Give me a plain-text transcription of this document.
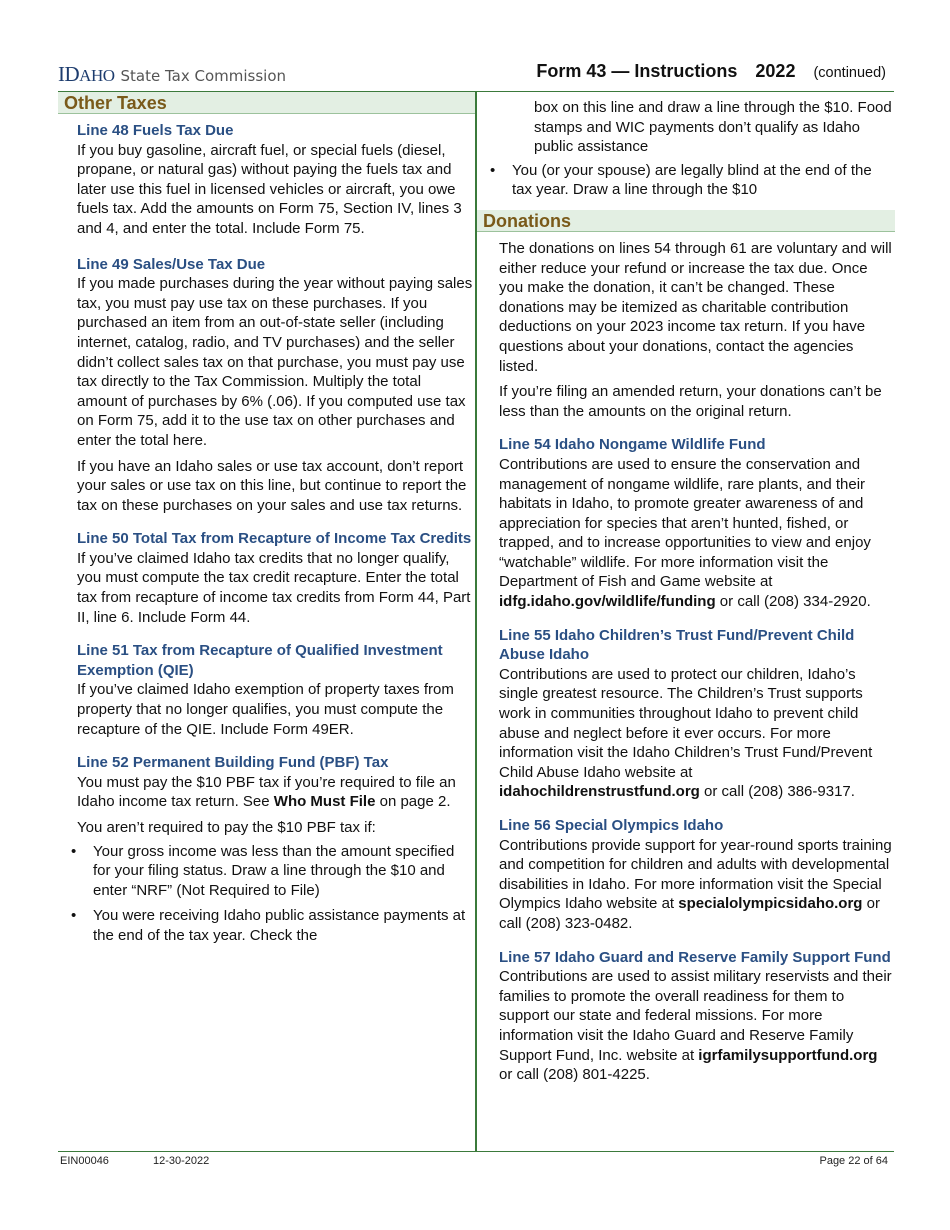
IDAHO State Tax Commission	Form 43 — Instructions 2022 (continued)
Other Taxes
Line 48 Fuels Tax Due

If you buy gasoline, aircraft fuel, or special fuels (diesel, propane, or natural gas) without paying the fuels tax and later use this fuel in licensed vehicles or aircraft, you owe fuels tax. Add the amounts on Form 75, Section IV, lines 3 and 4, and enter the total. Include Form 75.

Line 49 Sales/Use Tax Due

If you made purchases during the year without paying sales tax, you must pay use tax on these purchases. If you purchased an item from an out-of-state seller (including internet, catalog, radio, and TV purchases) and the seller didn’t collect sales tax on that purchase, you must pay use tax directly to the Tax Commission. Multiply the total amount of purchases by 6% (.06). If you computed use tax on Form 75, add it to the use tax on other purchases and enter the total here.

If you have an Idaho sales or use tax account, don’t report your sales or use tax on this line, but continue to report the tax on these purchases on your sales and use tax returns.

Line 50 Total Tax from Recapture of Income Tax Credits

If you’ve claimed Idaho tax credits that no longer qualify, you must compute the tax credit recapture. Enter the total tax from recapture of income tax credits from Form 44, Part II, line 6. Include Form 44.

Line 51 Tax from Recapture of Qualified Investment Exemption (QIE)

If you’ve claimed Idaho exemption of property taxes from property that no longer qualifies, you must compute the recapture of the QIE. Include Form 49ER.

Line 52 Permanent Building Fund (PBF) Tax

You must pay the $10 PBF tax if you’re required to file an Idaho income tax return. See Who Must File on page 2.

You aren’t required to pay the $10 PBF tax if:

• Your gross income was less than the amount specified for your filing status. Draw a line through the $10 and enter “NRF” (Not Required to File)
• You were receiving Idaho public assistance payments at the end of the tax year. Check the

box on this line and draw a line through the $10. Food stamps and WIC payments don’t qualify as Idaho public assistance

• You (or your spouse) are legally blind at the end of the tax year. Draw a line through the $10
Donations

The donations on lines 54 through 61 are voluntary and will either reduce your refund or increase the tax due. Once you make the donation, it can’t be changed. These donations may be itemized as charitable contribution deductions on your 2023 income tax return. If you have questions about your donations, contact the agencies listed.

If you’re filing an amended return, your donations can’t be less than the amounts on the original return.

Line 54 Idaho Nongame Wildlife Fund

Contributions are used to ensure the conservation and management of nongame wildlife, rare plants, and their habitats in Idaho, to promote greater awareness of and appreciation for species that aren’t hunted, fished, or trapped, and to increase opportunities to view and enjoy “watchable” wildlife. For more information visit the Department of Fish and Game website at idfg.idaho.gov/wildlife/funding or call (208) 334-2920.

Line 55 Idaho Children’s Trust Fund/Prevent Child Abuse Idaho

Contributions are used to protect our children, Idaho’s single greatest resource. The Children’s Trust supports work in communities throughout Idaho to prevent child abuse and neglect before it ever occurs. For more information visit the Idaho Children’s Trust Fund/Prevent Child Abuse Idaho website at idahochildrenstrustfund.org or call (208) 386-9317.

Line 56 Special Olympics Idaho

Contributions provide support for year-round sports training and competition for children and adults with developmental disabilities in Idaho. For more information visit the Special Olympics Idaho website at specialolympicsidaho.org or call (208) 323-0482.

Line 57 Idaho Guard and Reserve Family Support Fund

Contributions are used to assist military reservists and their families to promote the overall readiness for them to support our state and federal missions. For more information visit the Idaho Guard and Reserve Family Support Fund, Inc. website at igrfamilysupportfund.org or call (208) 801-4225.

EIN00046	12-30-2022	Page 22 of 64
